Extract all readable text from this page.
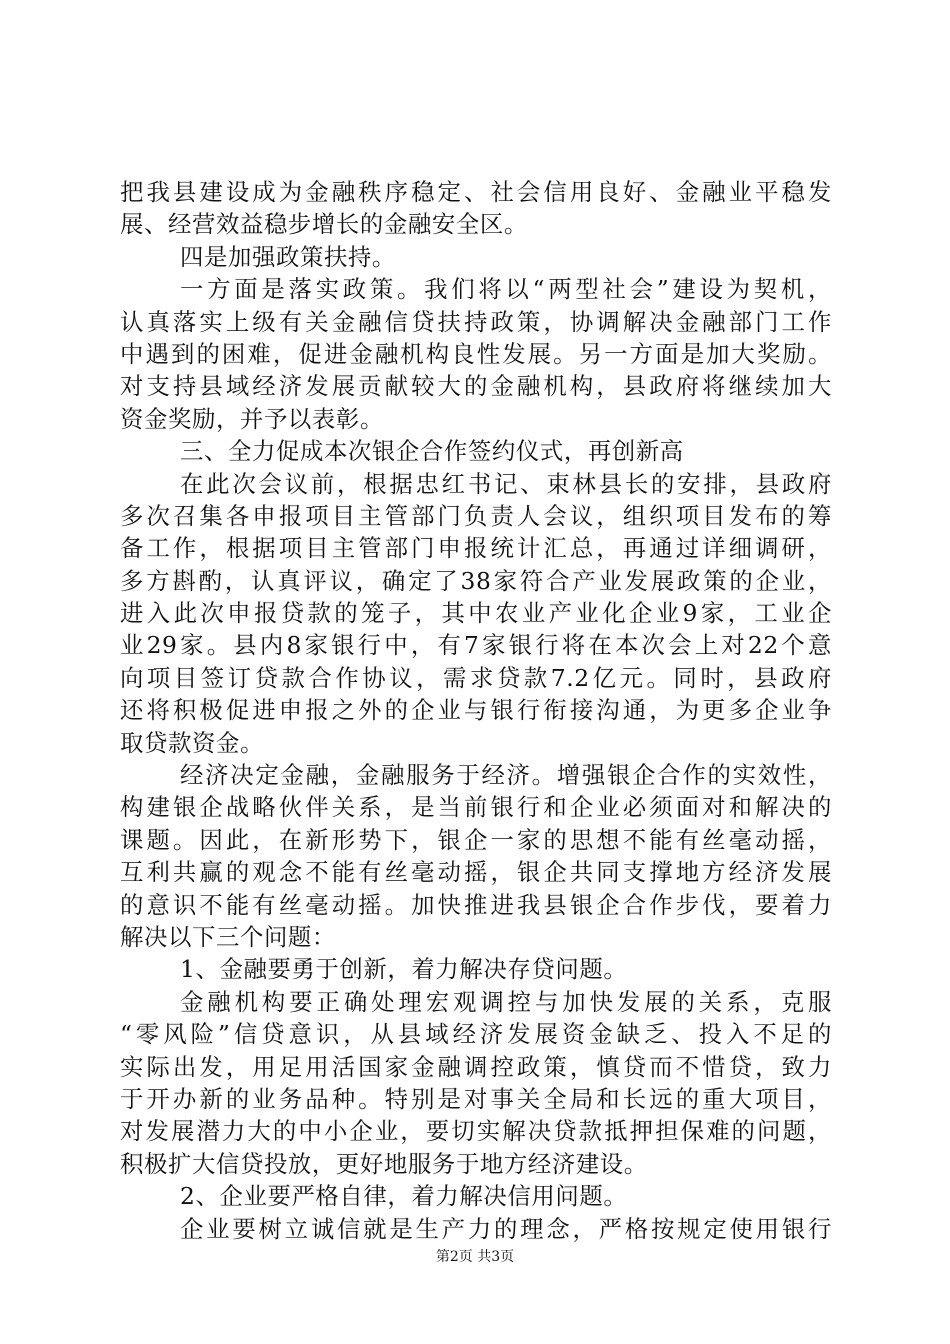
把我县建设成为金融秩序稳定、社会信用良好、金融业平稳发
展、经营效益稳步增长的金融安全区。
四是加强政策扶持。
一方面是落实政策。我们将以“两型社会”建设为契机，
认真落实上级有关金融信贷扶持政策，协调解决金融部门工作
中遇到的困难，促进金融机构良性发展。另一方面是加大奖励。
对支持县域经济发展贡献较大的金融机构，县政府将继续加大
资金奖励，并予以表彰。
三、全力促成本次银企合作签约仪式，再创新高
在此次会议前，根据忠红书记、束林县长的安排，县政府
多次召集各申报项目主管部门负责人会议，组织项目发布的筹
备工作，根据项目主管部门申报统计汇总，再通过详细调研，
多方斟酌，认真评议，确定了38家符合产业发展政策的企业，
进入此次申报贷款的笼子，其中农业产业化企业9家，工业企
业29家。县内8家银行中，有7家银行将在本次会上对22个意
向项目签订贷款合作协议，需求贷款7.2亿元。同时，县政府
还将积极促进申报之外的企业与银行衔接沟通，为更多企业争
取贷款资金。
经济决定金融，金融服务于经济。增强银企合作的实效性，
构建银企战略伙伴关系，是当前银行和企业必须面对和解决的
课题。因此，在新形势下，银企一家的思想不能有丝毫动摇，
互利共赢的观念不能有丝毫动摇，银企共同支撑地方经济发展
的意识不能有丝毫动摇。加快推进我县银企合作步伐，要着力
解决以下三个问题：
1、金融要勇于创新，着力解决存贷问题。
金融机构要正确处理宏观调控与加快发展的关系，克服
“零风险”信贷意识，从县域经济发展资金缺乏、投入不足的
实际出发，用足用活国家金融调控政策，慎贷而不惜贷，致力
于开办新的业务品种。特别是对事关全局和长远的重大项目，
对发展潜力大的中小企业，要切实解决贷款抵押担保难的问题，
积极扩大信贷投放，更好地服务于地方经济建设。
2、企业要严格自律，着力解决信用问题。
企业要树立诚信就是生产力的理念，严格按规定使用银行
第2页 共3页
